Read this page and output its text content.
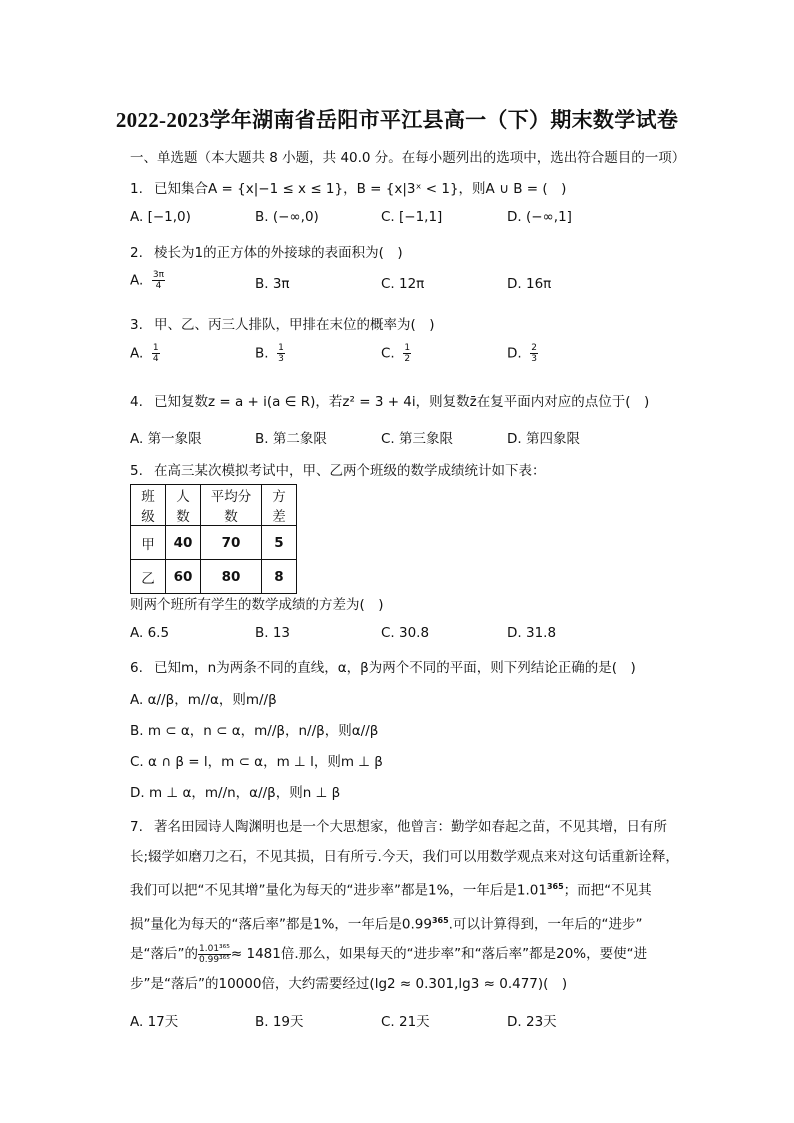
2022-2023学年湖南省岳阳市平江县高一（下）期末数学试卷
一、单选题（本大题共 8 小题，共 40.0 分。在每小题列出的选项中，选出符合题目的一项）
1. 已知集合A = {x|−1 ≤ x ≤ 1}，B = {x|3ˣ < 1}，则A ∪ B = (　)
A. [−1,0)	B. (−∞,0)	C. [−1,1]	D. (−∞,1]
2. 棱长为1的正方体的外接球的表面积为(　)
A. $\frac{3\pi}{4}$	B. 3π	C. 12π	D. 16π
3. 甲、乙、丙三人排队，甲排在末位的概率为(　)
A. $\frac{1}{4}$	B. $\frac{1}{3}$	C. $\frac{1}{2}$	D. $\frac{2}{3}$
4. 已知复数z = a + i(a ∈ R)，若z² = 3 + 4i，则复数z̄在复平面内对应的点位于(　)
A. 第一象限	B. 第二象限	C. 第三象限	D. 第四象限
5. 在高三某次模拟考试中，甲、乙两个班级的数学成绩统计如下表：
班级	人数	平均分数	方差
甲	40	70	5
乙	60	80	8
则两个班所有学生的数学成绩的方差为(　)
A. 6.5	B. 13	C. 30.8	D. 31.8
6. 已知m，n为两条不同的直线，α，β为两个不同的平面，则下列结论正确的是(　)
A. α//β，m//α，则m//β
B. m ⊂ α，n ⊂ α，m//β，n//β，则α//β
C. α ∩ β = l，m ⊂ α，m ⊥ l，则m ⊥ β
D. m ⊥ α，m//n，α//β，则n ⊥ β
7. 著名田园诗人陶渊明也是一个大思想家，他曾言：勤学如春起之苗，不见其增，日有所
长;辍学如磨刀之石，不见其损，日有所亏.今天，我们可以用数学观点来对这句话重新诠释，
我们可以把“不见其增”量化为每天的“进步率”都是1%，一年后是1.01$^{365}$；而把“不见其
损”量化为每天的“落后率”都是1%，一年后是0.99$^{365}$.可以计算得到，一年后的“进步”
是“落后”的 $\frac{\text{1.01³⁶⁵}}{\text{0.99³⁶⁵}} \approx 1481$倍.那么，如果每天的“进步率”和“落后率”都是20%，要使“进
步”是“落后”的10000倍，大约需要经过(lg2 ≈ 0.301,lg3 ≈ 0.477)(　)
A. 17天	B. 19天	C. 21天	D. 23天
